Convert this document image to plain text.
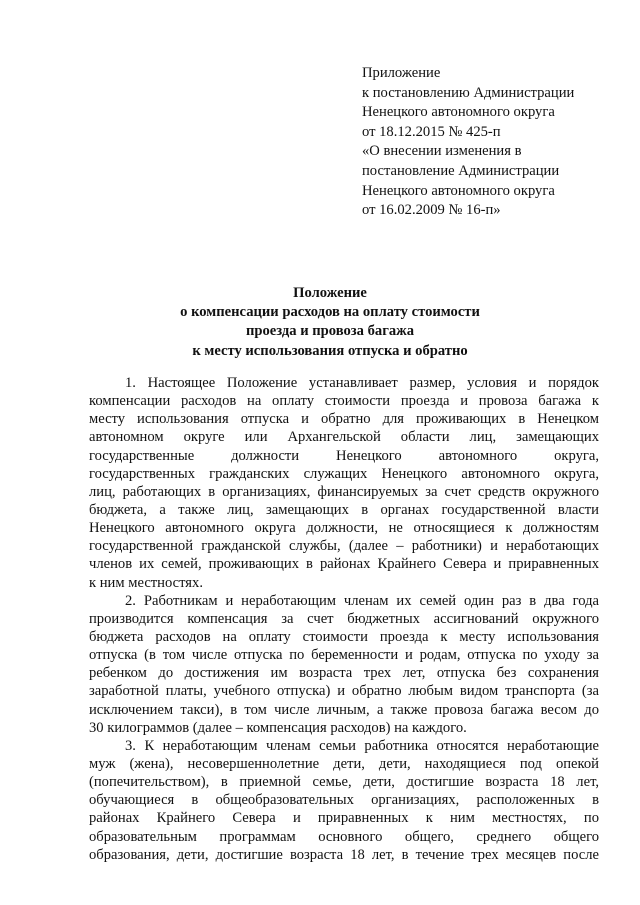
Приложение
к постановлению Администрации
Ненецкого автономного округа
от 18.12.2015 № 425-п
«О внесении изменения в
постановление Администрации
Ненецкого автономного округа
от 16.02.2009 № 16-п»
Положение
о компенсации расходов на оплату стоимости
проезда и провоза багажа
к месту использования отпуска и обратно
1. Настоящее Положение устанавливает размер, условия и порядок
компенсации расходов на оплату стоимости проезда и провоза багажа к
месту использования отпуска и обратно для проживающих в Ненецком
автономном округе или Архангельской области лиц, замещающих
государственные должности Ненецкого автономного округа,
государственных гражданских служащих Ненецкого автономного округа,
лиц, работающих в организациях, финансируемых за счет средств окружного
бюджета, а также лиц, замещающих в органах государственной власти
Ненецкого автономного округа должности, не относящиеся к должностям
государственной гражданской службы, (далее – работники) и неработающих
членов их семей, проживающих в районах Крайнего Севера и приравненных
к ним местностях.
2. Работникам и неработающим членам их семей один раз в два года
производится компенсация за счет бюджетных ассигнований окружного
бюджета расходов на оплату стоимости проезда к месту использования
отпуска (в том числе отпуска по беременности и родам, отпуска по уходу за
ребенком до достижения им возраста трех лет, отпуска без сохранения
заработной платы, учебного отпуска) и обратно любым видом транспорта (за
исключением такси), в том числе личным, а также провоза багажа весом до
30 килограммов (далее – компенсация расходов) на каждого.
3. К неработающим членам семьи работника относятся неработающие
муж (жена), несовершеннолетние дети, дети, находящиеся под опекой
(попечительством), в приемной семье, дети, достигшие возраста 18 лет,
обучающиеся в общеобразовательных организациях, расположенных в
районах Крайнего Севера и приравненных к ним местностях, по
образовательным программам основного общего, среднего общего
образования, дети, достигшие возраста 18 лет, в течение трех месяцев после
